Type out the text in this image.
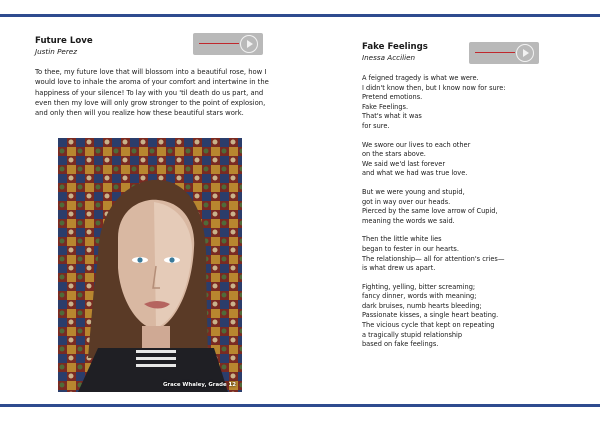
Future Love

Justin Perez

To thee, my future love that will blossom into a beautiful rose, how I would love to inhale the aroma of your comfort and intertwine in the happiness of your silence! To lay with you 'til death do us part, and even then my love will only grow stronger to the point of explosion, and only then will you realize how these beautiful stars work.

Grace Whaley, Grade 12

Fake Feelings

Inessa Accilien

A feigned tragedy is what we were.
I didn't know then, but I know now for sure:
Pretend emotions.
Fake Feelings.
That's what it was
for sure.
We swore our lives to each other
on the stars above.
We said we'd last forever
and what we had was true love.
But we were young and stupid,
got in way over our heads.
Pierced by the same love arrow of Cupid,
meaning the words we said.
Then the little white lies
began to fester in our hearts.
The relationship— all for attention's cries—
is what drew us apart.
Fighting, yelling, bitter screaming;
fancy dinner, words with meaning;
dark bruises, numb hearts bleeding;
Passionate kisses, a single heart beating.
The vicious cycle that kept on repeating
a tragically stupid relationship
based on fake feelings.
